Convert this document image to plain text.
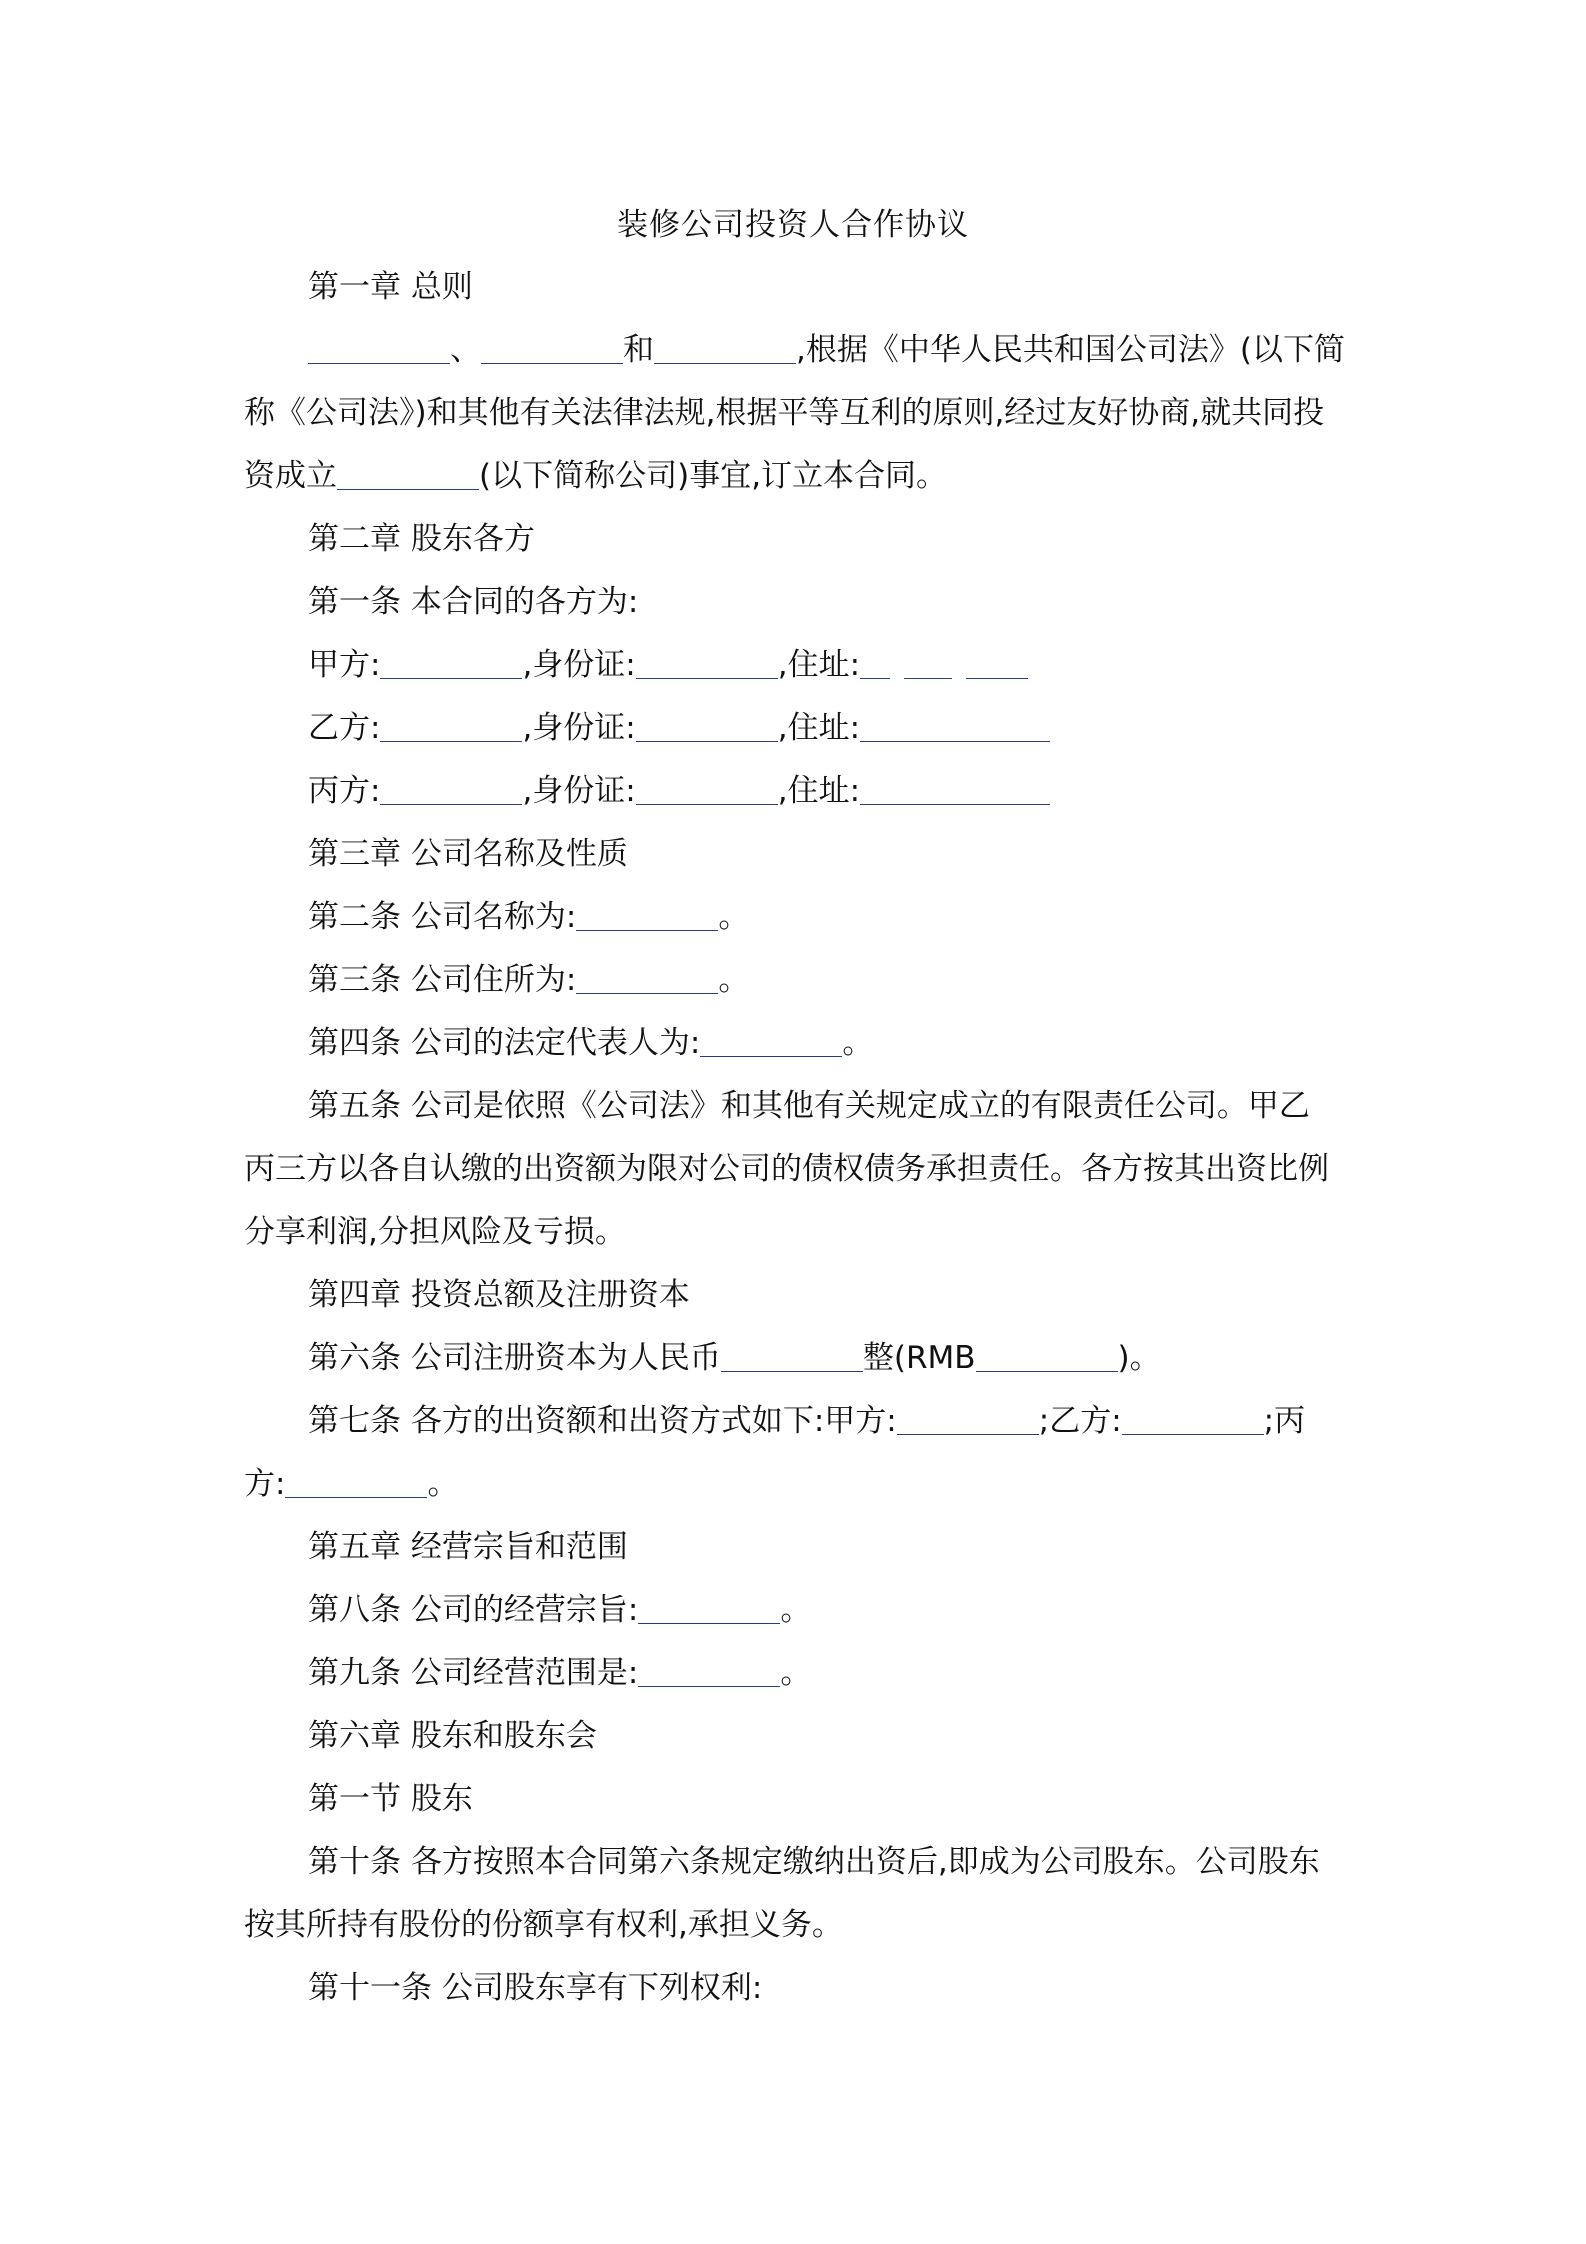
装修公司投资人合作协议
第一章 总则
、	和	,根据《中华人民共和国公司法》(以下简
称《公司法》)和其他有关法律法规,根据平等互利的原则,经过友好协商,就共同投
资成立	(以下简称公司)事宜,订立本合同。
第二章 股东各方
第一条 本合同的各方为:
甲方:	,身份证:	,住址:
乙方:	,身份证:	,住址:
丙方:	,身份证:	,住址:
第三章 公司名称及性质
第二条 公司名称为:	。
第三条 公司住所为:	。
第四条 公司的法定代表人为:	。
第五条 公司是依照《公司法》和其他有关规定成立的有限责任公司。甲乙
丙三方以各自认缴的出资额为限对公司的债权债务承担责任。各方按其出资比例
分享利润,分担风险及亏损。
第四章 投资总额及注册资本
第六条 公司注册资本为人民币	整(RMB	)。
第七条 各方的出资额和出资方式如下:甲方:	;乙方:	;丙
方:	。
第五章 经营宗旨和范围
第八条 公司的经营宗旨:	。
第九条 公司经营范围是:	。
第六章 股东和股东会
第一节 股东
第十条 各方按照本合同第六条规定缴纳出资后,即成为公司股东。公司股东
按其所持有股份的份额享有权利,承担义务。
第十一条 公司股东享有下列权利:
